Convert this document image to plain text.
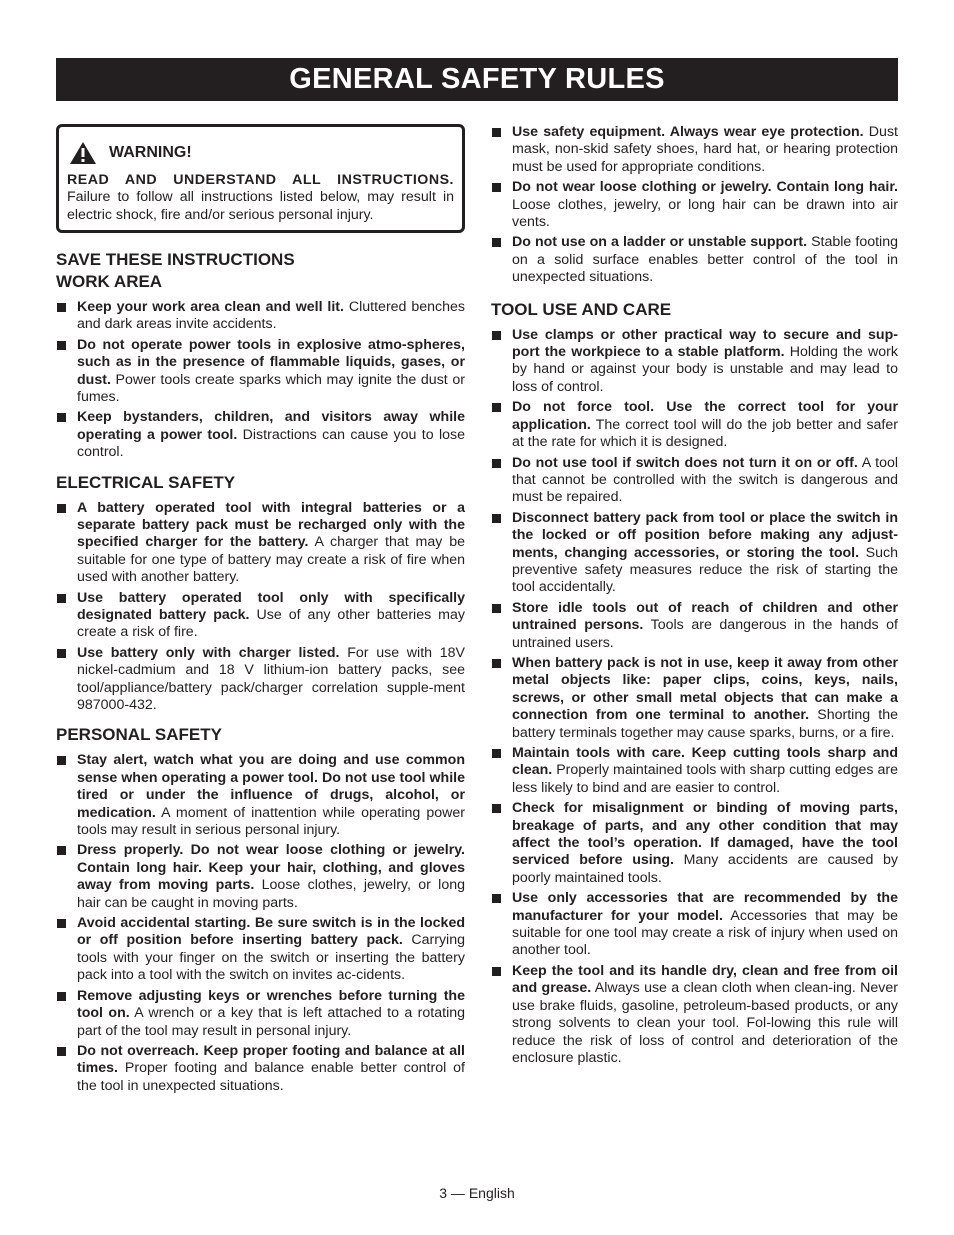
GENERAL SAFETY RULES
WARNING!
READ AND UNDERSTAND ALL INSTRUCTIONS. Failure to follow all instructions listed below, may result in electric shock, fire and/or serious personal injury.
SAVE THESE INSTRUCTIONS
WORK AREA
Keep your work area clean and well lit. Cluttered benches and dark areas invite accidents.
Do not operate power tools in explosive atmo-spheres, such as in the presence of flammable liquids, gases, or dust. Power tools create sparks which may ignite the dust or fumes.
Keep bystanders, children, and visitors away while operating a power tool. Distractions can cause you to lose control.
ELECTRICAL SAFETY
A battery operated tool with integral batteries or a separate battery pack must be recharged only with the specified charger for the battery. A charger that may be suitable for one type of battery may create a risk of fire when used with another battery.
Use battery operated tool only with specifically designated battery pack. Use of any other batteries may create a risk of fire.
Use battery only with charger listed. For use with 18V nickel-cadmium and 18 V lithium-ion battery packs, see tool/appliance/battery pack/charger correlation supple-ment 987000-432.
PERSONAL SAFETY
Stay alert, watch what you are doing and use common sense when operating a power tool. Do not use tool while tired or under the influence of drugs, alcohol, or medication. A moment of inattention while operating power tools may result in serious personal injury.
Dress properly. Do not wear loose clothing or jewelry. Contain long hair. Keep your hair, clothing, and gloves away from moving parts. Loose clothes, jewelry, or long hair can be caught in moving parts.
Avoid accidental starting. Be sure switch is in the locked or off position before inserting battery pack. Carrying tools with your finger on the switch or inserting the battery pack into a tool with the switch on invites ac-cidents.
Remove adjusting keys or wrenches before turning the tool on. A wrench or a key that is left attached to a rotating part of the tool may result in personal injury.
Do not overreach. Keep proper footing and balance at all times. Proper footing and balance enable better control of the tool in unexpected situations.
Use safety equipment. Always wear eye protection. Dust mask, non-skid safety shoes, hard hat, or hearing protection must be used for appropriate conditions.
Do not wear loose clothing or jewelry. Contain long hair. Loose clothes, jewelry, or long hair can be drawn into air vents.
Do not use on a ladder or unstable support. Stable footing on a solid surface enables better control of the tool in unexpected situations.
TOOL USE AND CARE
Use clamps or other practical way to secure and sup-port the workpiece to a stable platform. Holding the work by hand or against your body is unstable and may lead to loss of control.
Do not force tool. Use the correct tool for your application. The correct tool will do the job better and safer at the rate for which it is designed.
Do not use tool if switch does not turn it on or off. A tool that cannot be controlled with the switch is dangerous and must be repaired.
Disconnect battery pack from tool or place the switch in the locked or off position before making any adjust-ments, changing accessories, or storing the tool. Such preventive safety measures reduce the risk of starting the tool accidentally.
Store idle tools out of reach of children and other untrained persons. Tools are dangerous in the hands of untrained users.
When battery pack is not in use, keep it away from other metal objects like: paper clips, coins, keys, nails, screws, or other small metal objects that can make a connection from one terminal to another. Shorting the battery terminals together may cause sparks, burns, or a fire.
Maintain tools with care. Keep cutting tools sharp and clean. Properly maintained tools with sharp cutting edges are less likely to bind and are easier to control.
Check for misalignment or binding of moving parts, breakage of parts, and any other condition that may affect the tool’s operation. If damaged, have the tool serviced before using. Many accidents are caused by poorly maintained tools.
Use only accessories that are recommended by the manufacturer for your model. Accessories that may be suitable for one tool may create a risk of injury when used on another tool.
Keep the tool and its handle dry, clean and free from oil and grease. Always use a clean cloth when clean-ing. Never use brake fluids, gasoline, petroleum-based products, or any strong solvents to clean your tool. Fol-lowing this rule will reduce the risk of loss of control and deterioration of the enclosure plastic.
3 — English
